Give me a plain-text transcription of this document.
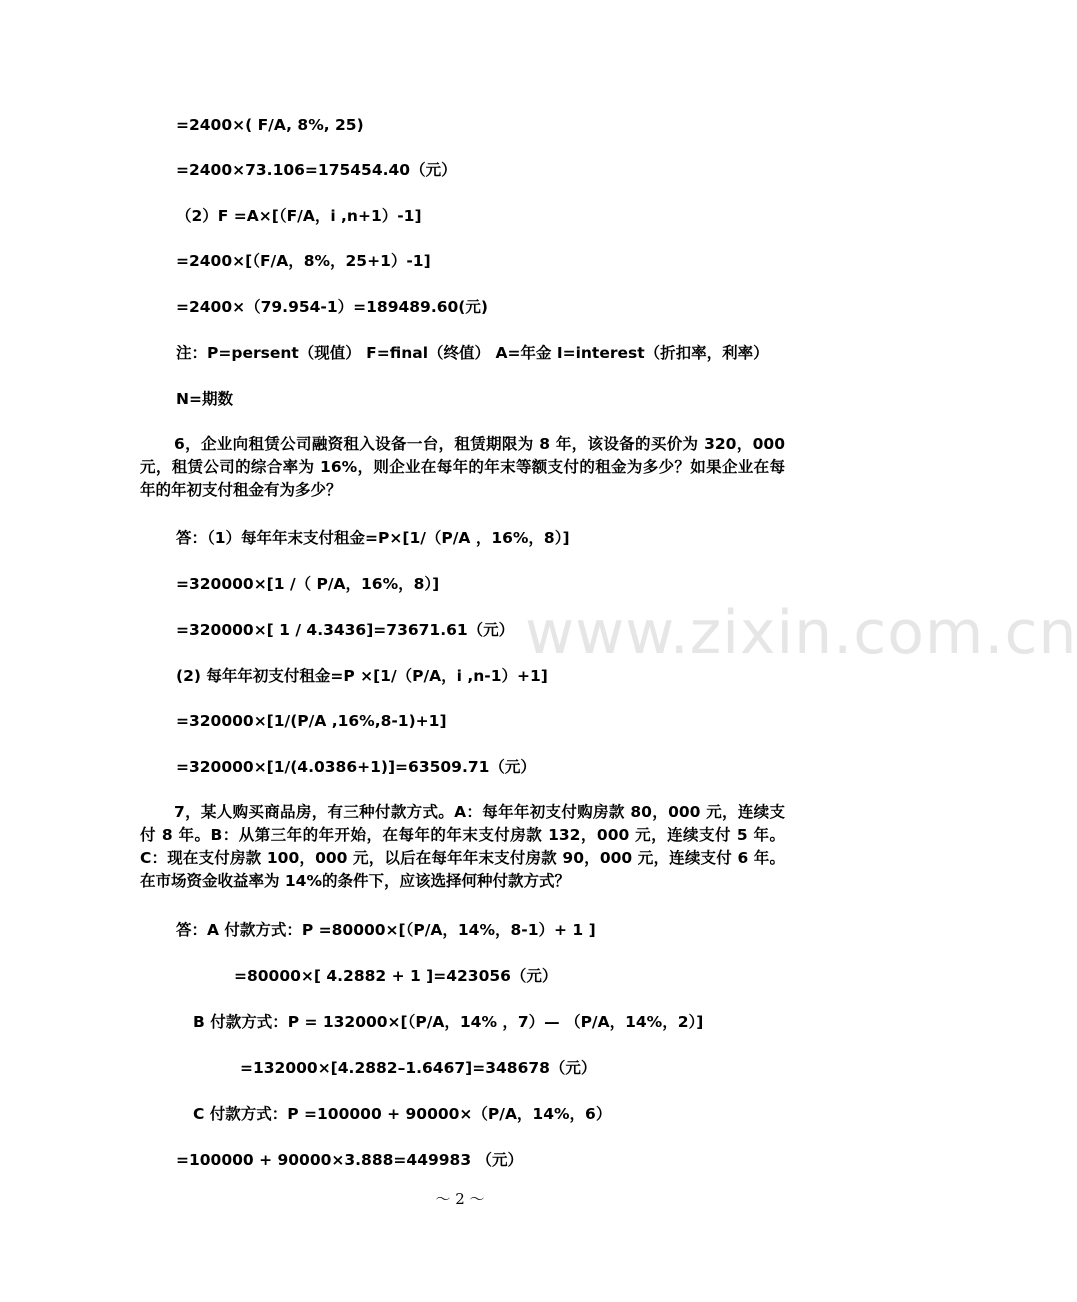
www.zixin.com.cn
=2400×( F/A, 8%, 25)
=2400×73.106=175454.40（元）
（2）F =A×[（F/A，i ,n+1）-1]
=2400×[（F/A，8%，25+1）-1]
=2400×（79.954-1）=189489.60(元)
注：P=persent（现值） F=final（终值） A=年金 I=interest（折扣率，利率）
N=期数
6，企业向租赁公司融资租入设备一台，租赁期限为 8 年，该设备的买价为 320，000 元，租赁公司的综合率为 16%，则企业在每年的年末等额支付的租金为多少？如果企业在每年的年初支付租金有为多少？
答：（1）每年年末支付租金=P×[1/（P/A ，16%，8）]
=320000×[1 /（ P/A，16%，8）]
=320000×[ 1 / 4.3436]=73671.61（元）
(2) 每年年初支付租金=P ×[1/（P/A，i ,n-1）+1]
=320000×[1/(P/A ,16%,8-1)+1]
=320000×[1/(4.0386+1)]=63509.71（元）
7，某人购买商品房，有三种付款方式。A：每年年初支付购房款 80，000 元，连续支付 8 年。B：从第三年的年开始，在每年的年末支付房款 132，000 元，连续支付 5 年。C：现在支付房款 100，000 元，以后在每年年末支付房款 90，000 元，连续支付 6 年。在市场资金收益率为 14%的条件下，应该选择何种付款方式？
答：A 付款方式：P =80000×[（P/A，14%，8-1）+ 1 ]
=80000×[ 4.2882 + 1 ]=423056（元）
B 付款方式：P = 132000×[（P/A，14% ，7）— （P/A，14%，2）]
=132000×[4.2882–1.6467]=348678（元）
C 付款方式：P =100000 + 90000×（P/A，14%，6）
=100000 + 90000×3.888=449983 （元）
～ 2 ～
